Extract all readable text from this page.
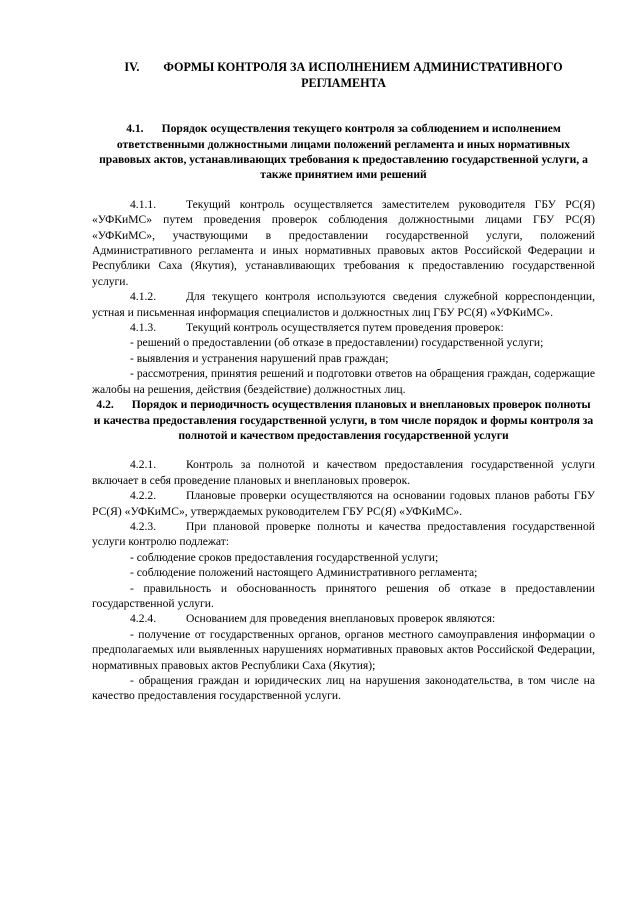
IV. ФОРМЫ КОНТРОЛЯ ЗА ИСПОЛНЕНИЕМ АДМИНИСТРАТИВНОГО РЕГЛАМЕНТА
4.1. Порядок осуществления текущего контроля за соблюдением и исполнением ответственными должностными лицами положений регламента и иных нормативных правовых актов, устанавливающих требования к предоставлению государственной услуги, а также принятием ими решений

4.1.1.	Текущий контроль осуществляется заместителем руководителя ГБУ РС(Я) «УФКиМС» путем проведения проверок соблюдения должностными лицами ГБУ РС(Я) «УФКиМС», участвующими в предоставлении государственной услуги, положений Административного регламента и иных нормативных правовых актов Российской Федерации и Республики Саха (Якутия), устанавливающих требования к предоставлению государственной услуги.

4.1.2.	Для текущего контроля используются сведения служебной корреспонденции, устная и письменная информация специалистов и должностных лиц ГБУ РС(Я) «УФКиМС».

4.1.3.	Текущий контроль осуществляется путем проведения проверок:

- решений о предоставлении (об отказе в предоставлении) государственной услуги;

- выявления и устранения нарушений прав граждан;

- рассмотрения, принятия решений и подготовки ответов на обращения граждан, содержащие жалобы на решения, действия (бездействие) должностных лиц.

4.2. Порядок и периодичность осуществления плановых и внеплановых проверок полноты и качества предоставления государственной услуги, в том числе порядок и формы контроля за полнотой и качеством предоставления государственной услуги

4.2.1.	Контроль за полнотой и качеством предоставления государственной услуги включает в себя проведение плановых и внеплановых проверок.

4.2.2.	Плановые проверки осуществляются на основании годовых планов работы ГБУ РС(Я) «УФКиМС», утверждаемых руководителем ГБУ РС(Я) «УФКиМС».

4.2.3.	При плановой проверке полноты и качества предоставления государственной услуги контролю подлежат:

- соблюдение сроков предоставления государственной услуги;

- соблюдение положений настоящего Административного регламента;

- правильность и обоснованность принятого решения об отказе в предоставлении государственной услуги.

4.2.4.	Основанием для проведения внеплановых проверок являются:

- получение от государственных органов, органов местного самоуправления информации о предполагаемых или выявленных нарушениях нормативных правовых актов Российской Федерации, нормативных правовых актов Республики Саха (Якутия);

- обращения граждан и юридических лиц на нарушения законодательства, в том числе на качество предоставления государственной услуги.
